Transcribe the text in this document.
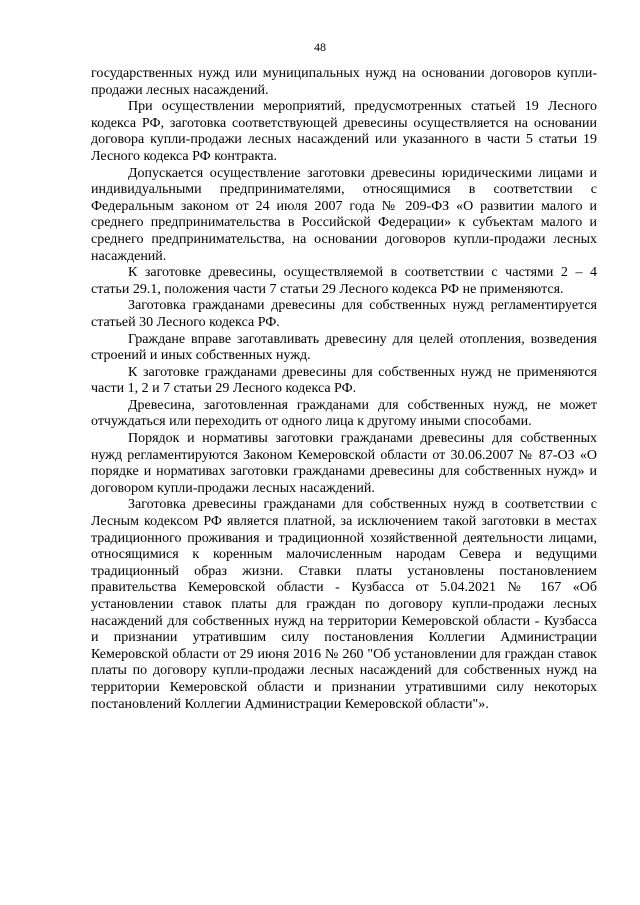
48

государственных нужд или муниципальных нужд на основании договоров купли-продажи лесных насаждений.

При осуществлении мероприятий, предусмотренных статьей 19 Лесного кодекса РФ, заготовка соответствующей древесины осуществляется на основании договора купли-продажи лесных насаждений или указанного в части 5 статьи 19 Лесного кодекса РФ контракта.

Допускается осуществление заготовки древесины юридическими лицами и индивидуальными предпринимателями, относящимися в соответствии с Федеральным законом от 24 июля 2007 года № 209-ФЗ «О развитии малого и среднего предпринимательства в Российской Федерации» к субъектам малого и среднего предпринимательства, на основании договоров купли-продажи лесных насаждений.

К заготовке древесины, осуществляемой в соответствии с частями 2 – 4 статьи 29.1, положения части 7 статьи 29 Лесного кодекса РФ не применяются.

Заготовка гражданами древесины для собственных нужд регламентируется статьей 30 Лесного кодекса РФ.

Граждане вправе заготавливать древесину для целей отопления, возведения строений и иных собственных нужд.

К заготовке гражданами древесины для собственных нужд не применяются части 1, 2 и 7 статьи 29 Лесного кодекса РФ.

Древесина, заготовленная гражданами для собственных нужд, не может отчуждаться или переходить от одного лица к другому иными способами.

Порядок и нормативы заготовки гражданами древесины для собственных нужд регламентируются Законом Кемеровской области от 30.06.2007 № 87-ОЗ «О порядке и нормативах заготовки гражданами древесины для собственных нужд» и договором купли-продажи лесных насаждений.

Заготовка древесины гражданами для собственных нужд в соответствии с Лесным кодексом РФ является платной, за исключением такой заготовки в местах традиционного проживания и традиционной хозяйственной деятельности лицами, относящимися к коренным малочисленным народам Севера и ведущими традиционный образ жизни. Ставки платы установлены постановлением правительства Кемеровской области - Кузбасса от 5.04.2021 № 167 «Об установлении ставок платы для граждан по договору купли-продажи лесных насаждений для собственных нужд на территории Кемеровской области - Кузбасса и признании утратившим силу постановления Коллегии Администрации Кемеровской области от 29 июня 2016 № 260 "Об установлении для граждан ставок платы по договору купли-продажи лесных насаждений для собственных нужд на территории Кемеровской области и признании утратившими силу некоторых постановлений Коллегии Администрации Кемеровской области"».
